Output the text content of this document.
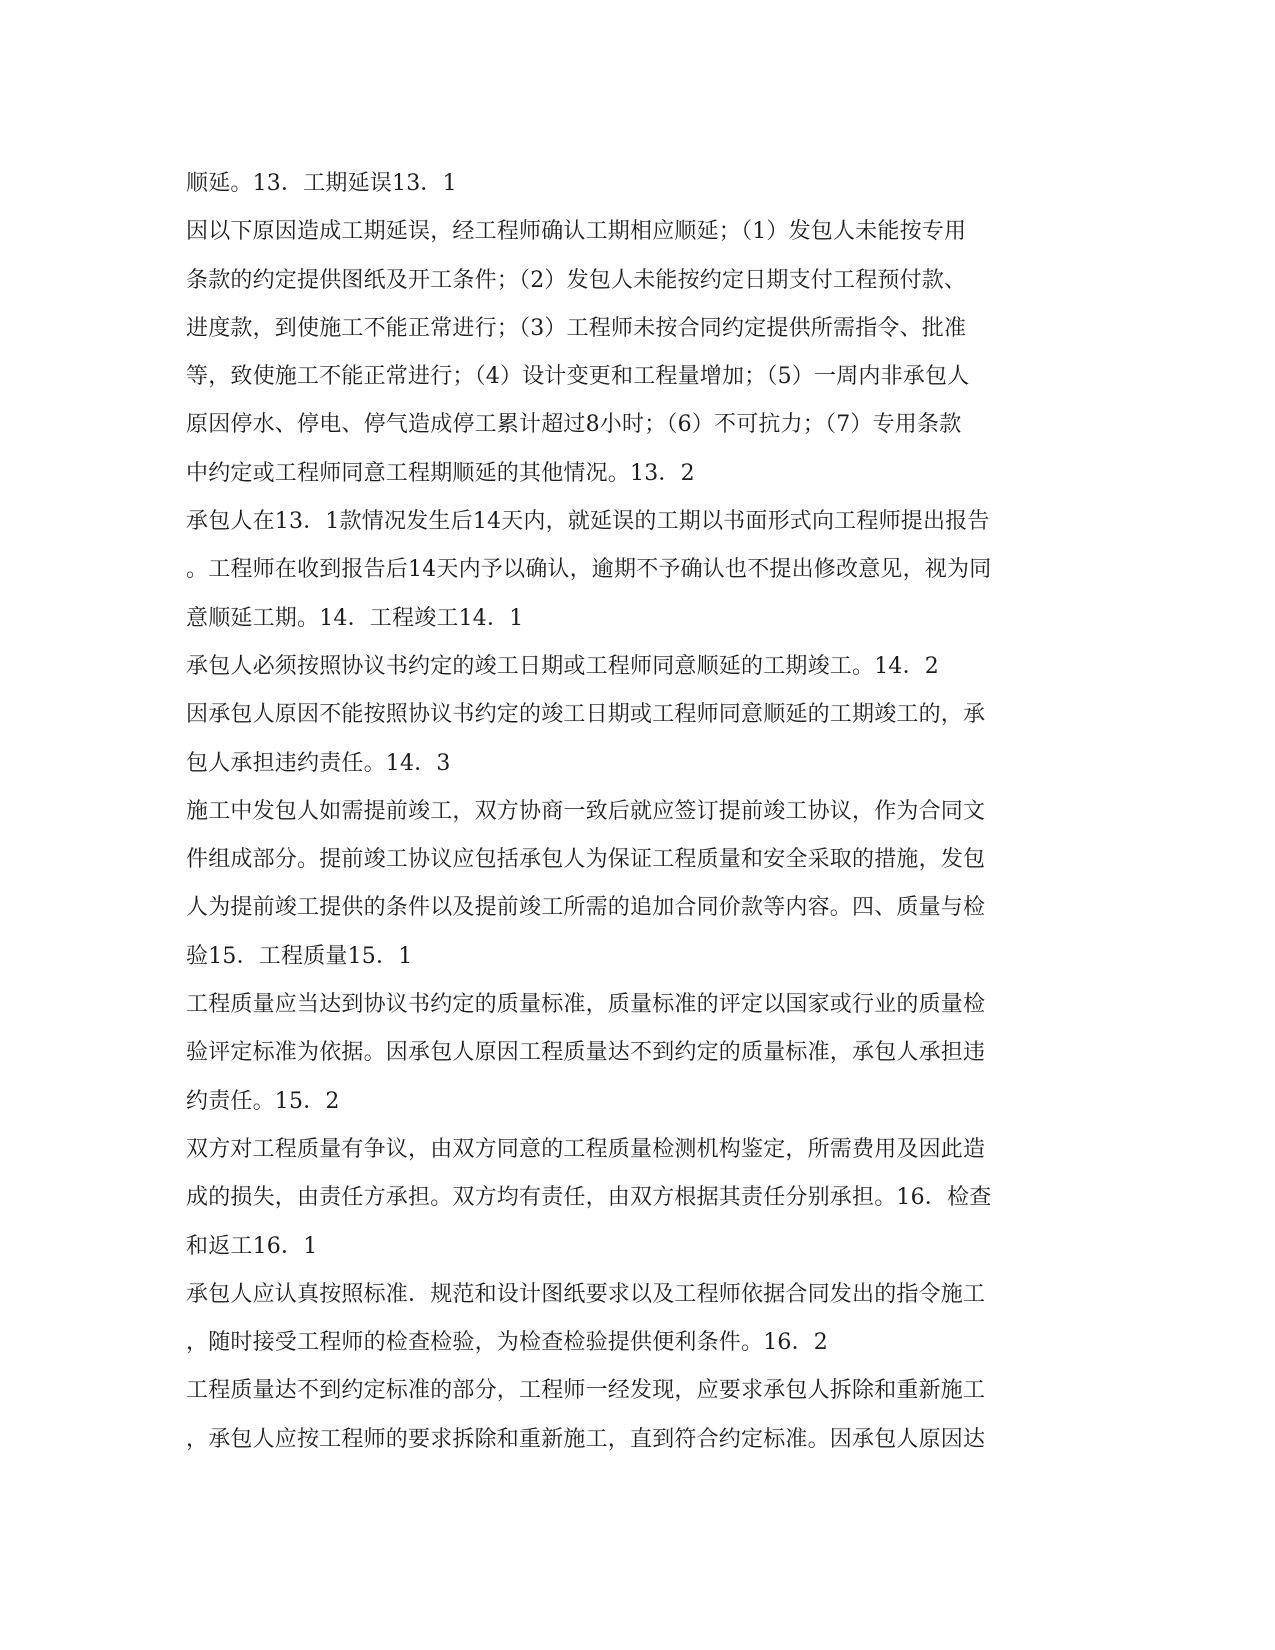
顺延。13．工期延误13．1
因以下原因造成工期延误，经工程师确认工期相应顺延；（1）发包人未能按专用
条款的约定提供图纸及开工条件；（2）发包人未能按约定日期支付工程预付款、
进度款，到使施工不能正常进行；（3）工程师未按合同约定提供所需指令、批准
等，致使施工不能正常进行；（4）设计变更和工程量增加；（5）一周内非承包人
原因停水、停电、停气造成停工累计超过8小时；（6）不可抗力；（7）专用条款
中约定或工程师同意工程期顺延的其他情况。13．2
承包人在13．1款情况发生后14天内，就延误的工期以书面形式向工程师提出报告
。工程师在收到报告后14天内予以确认，逾期不予确认也不提出修改意见，视为同
意顺延工期。14．工程竣工14．1
承包人必须按照协议书约定的竣工日期或工程师同意顺延的工期竣工。14．2
因承包人原因不能按照协议书约定的竣工日期或工程师同意顺延的工期竣工的，承
包人承担违约责任。14．3
施工中发包人如需提前竣工，双方协商一致后就应签订提前竣工协议，作为合同文
件组成部分。提前竣工协议应包括承包人为保证工程质量和安全采取的措施，发包
人为提前竣工提供的条件以及提前竣工所需的追加合同价款等内容。四、质量与检
验15．工程质量15．1
工程质量应当达到协议书约定的质量标准，质量标准的评定以国家或行业的质量检
验评定标准为依据。因承包人原因工程质量达不到约定的质量标准，承包人承担违
约责任。15．2
双方对工程质量有争议，由双方同意的工程质量检测机构鉴定，所需费用及因此造
成的损失，由责任方承担。双方均有责任，由双方根据其责任分别承担。16．检查
和返工16．1
承包人应认真按照标准．规范和设计图纸要求以及工程师依据合同发出的指令施工
，随时接受工程师的检查检验，为检查检验提供便利条件。16．2
工程质量达不到约定标准的部分，工程师一经发现，应要求承包人拆除和重新施工
，承包人应按工程师的要求拆除和重新施工，直到符合约定标准。因承包人原因达
